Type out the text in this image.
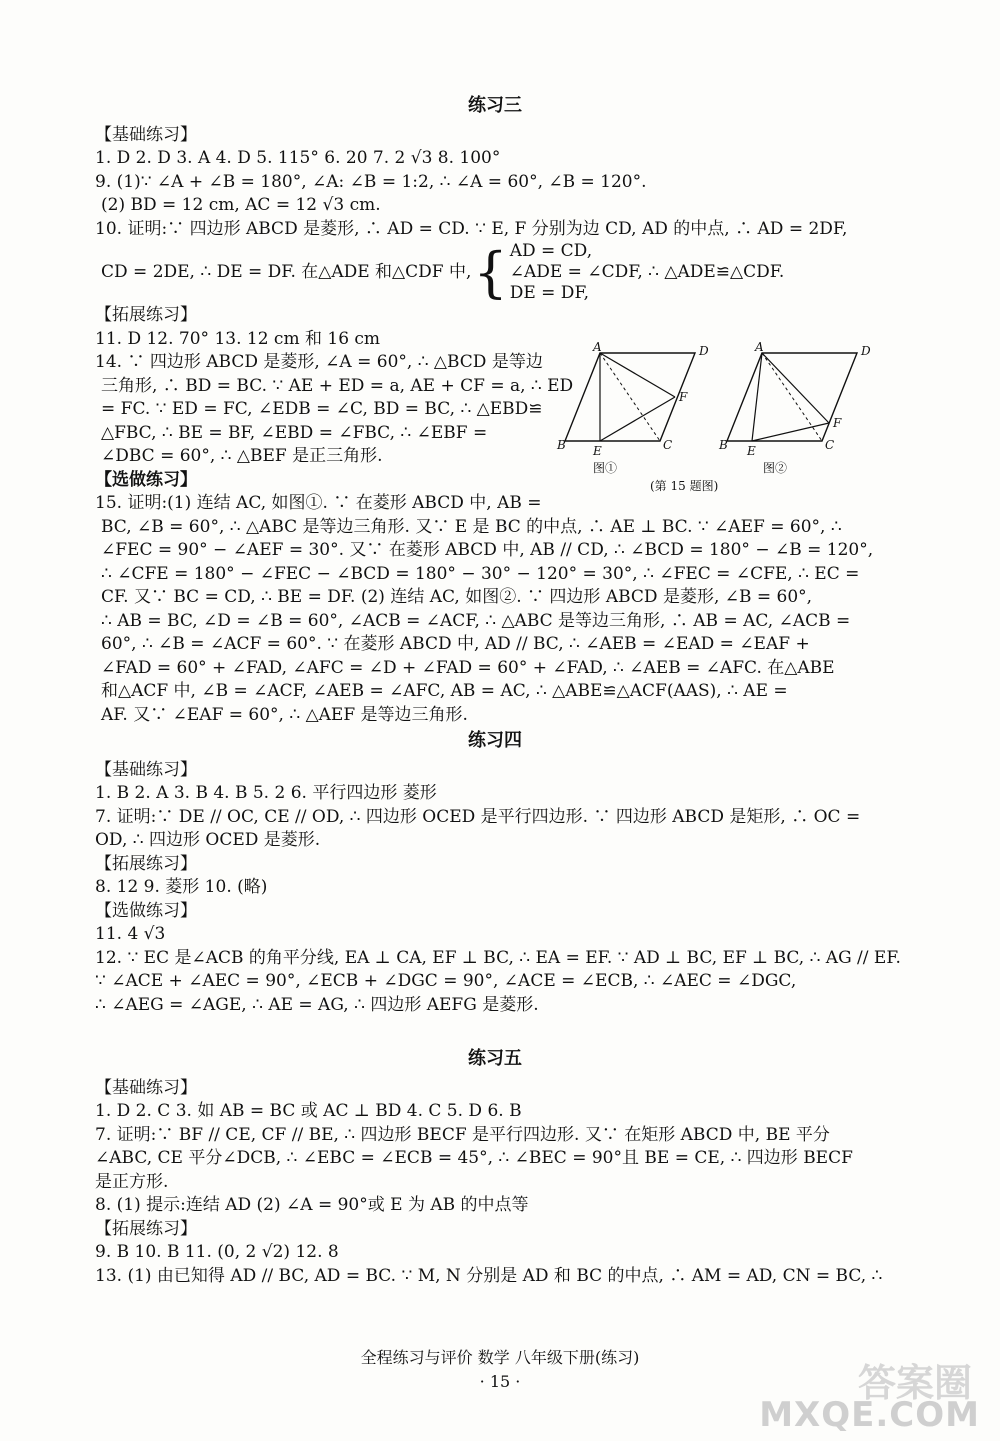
练习三
【基础练习】
1. D 2. D 3. A 4. D 5. 115° 6. 20 7. 2 √3 8. 100°
9. (1)∵ ∠A + ∠B = 180°, ∠A: ∠B = 1:2, ∴ ∠A = 60°, ∠B = 120°.
(2) BD = 12 cm, AC = 12 √3 cm.
10. 证明:∵ 四边形 ABCD 是菱形, ∴ AD = CD. ∵ E, F 分别为边 CD, AD 的中点, ∴ AD = 2DF,
CD = 2DE, ∴ DE = DF. 在△ADE 和△CDF 中, { AD = CD,
∠ADE = ∠CDF, ∴ △ADE≌△CDF.
DE = DF,
【拓展练习】
11. D 12. 70° 13. 12 cm 和 16 cm
14. ∵ 四边形 ABCD 是菱形, ∠A = 60°, ∴ △BCD 是等边
三角形, ∴ BD = BC. ∵ AE + ED = a, AE + CF = a, ∴ ED
= FC. ∵ ED = FC, ∠EDB = ∠C, BD = BC, ∴ △EBD≌
△FBC, ∴ BE = BF, ∠EBD = ∠FBC, ∴ ∠EBF =
∠DBC = 60°, ∴ △BEF 是正三角形.
【选做练习】
15. 证明:(1) 连结 AC, 如图①. ∵ 在菱形 ABCD 中, AB =
A	D
B E	C
F
A	D
B E	C
F
图①	图②
(第 15 题图)
BC, ∠B = 60°, ∴ △ABC 是等边三角形. 又∵ E 是 BC 的中点, ∴ AE ⊥ BC. ∵ ∠AEF = 60°, ∴
∠FEC = 90° − ∠AEF = 30°. 又∵ 在菱形 ABCD 中, AB // CD, ∴ ∠BCD = 180° − ∠B = 120°,
∴ ∠CFE = 180° − ∠FEC − ∠BCD = 180° − 30° − 120° = 30°, ∴ ∠FEC = ∠CFE, ∴ EC =
CF. 又∵ BC = CD, ∴ BE = DF. (2) 连结 AC, 如图②. ∵ 四边形 ABCD 是菱形, ∠B = 60°,
∴ AB = BC, ∠D = ∠B = 60°, ∠ACB = ∠ACF, ∴ △ABC 是等边三角形, ∴ AB = AC, ∠ACB =
60°, ∴ ∠B = ∠ACF = 60°. ∵ 在菱形 ABCD 中, AD // BC, ∴ ∠AEB = ∠EAD = ∠EAF +
∠FAD = 60° + ∠FAD, ∠AFC = ∠D + ∠FAD = 60° + ∠FAD, ∴ ∠AEB = ∠AFC. 在△ABE
和△ACF 中, ∠B = ∠ACF, ∠AEB = ∠AFC, AB = AC, ∴ △ABE≌△ACF(AAS), ∴ AE =
AF. 又∵ ∠EAF = 60°, ∴ △AEF 是等边三角形.
练习四
【基础练习】
1. B 2. A 3. B 4. B 5. 2 6. 平行四边形 菱形
7. 证明:∵ DE // OC, CE // OD, ∴ 四边形 OCED 是平行四边形. ∵ 四边形 ABCD 是矩形, ∴ OC =
OD, ∴ 四边形 OCED 是菱形.
【拓展练习】
8. 12 9. 菱形 10. (略)
【选做练习】
11. 4 √3
12. ∵ EC 是∠ACB 的角平分线, EA ⊥ CA, EF ⊥ BC, ∴ EA = EF. ∵ AD ⊥ BC, EF ⊥ BC, ∴ AG // EF.
∵ ∠ACE + ∠AEC = 90°, ∠ECB + ∠DGC = 90°, ∠ACE = ∠ECB, ∴ ∠AEC = ∠DGC,
∴ ∠AEG = ∠AGE, ∴ AE = AG, ∴ 四边形 AEFG 是菱形.
练习五
【基础练习】
1. D 2. C 3. 如 AB = BC 或 AC ⊥ BD 4. C 5. D 6. B
7. 证明:∵ BF // CE, CF // BE, ∴ 四边形 BECF 是平行四边形. 又∵ 在矩形 ABCD 中, BE 平分
∠ABC, CE 平分∠DCB, ∴ ∠EBC = ∠ECB = 45°, ∴ ∠BEC = 90°且 BE = CE, ∴ 四边形 BECF
是正方形.
8. (1) 提示:连结 AD (2) ∠A = 90°或 E 为 AB 的中点等
【拓展练习】
9. B 10. B 11. (0, 2 √2) 12. 8
13. (1) 由已知得 AD // BC, AD = BC. ∵ M, N 分别是 AD 和 BC 的中点, ∴ AM = AD, CN = BC, ∴
全程练习与评价 数学 八年级下册(练习)
· 15 ·	答案圈
MXQE.COM
